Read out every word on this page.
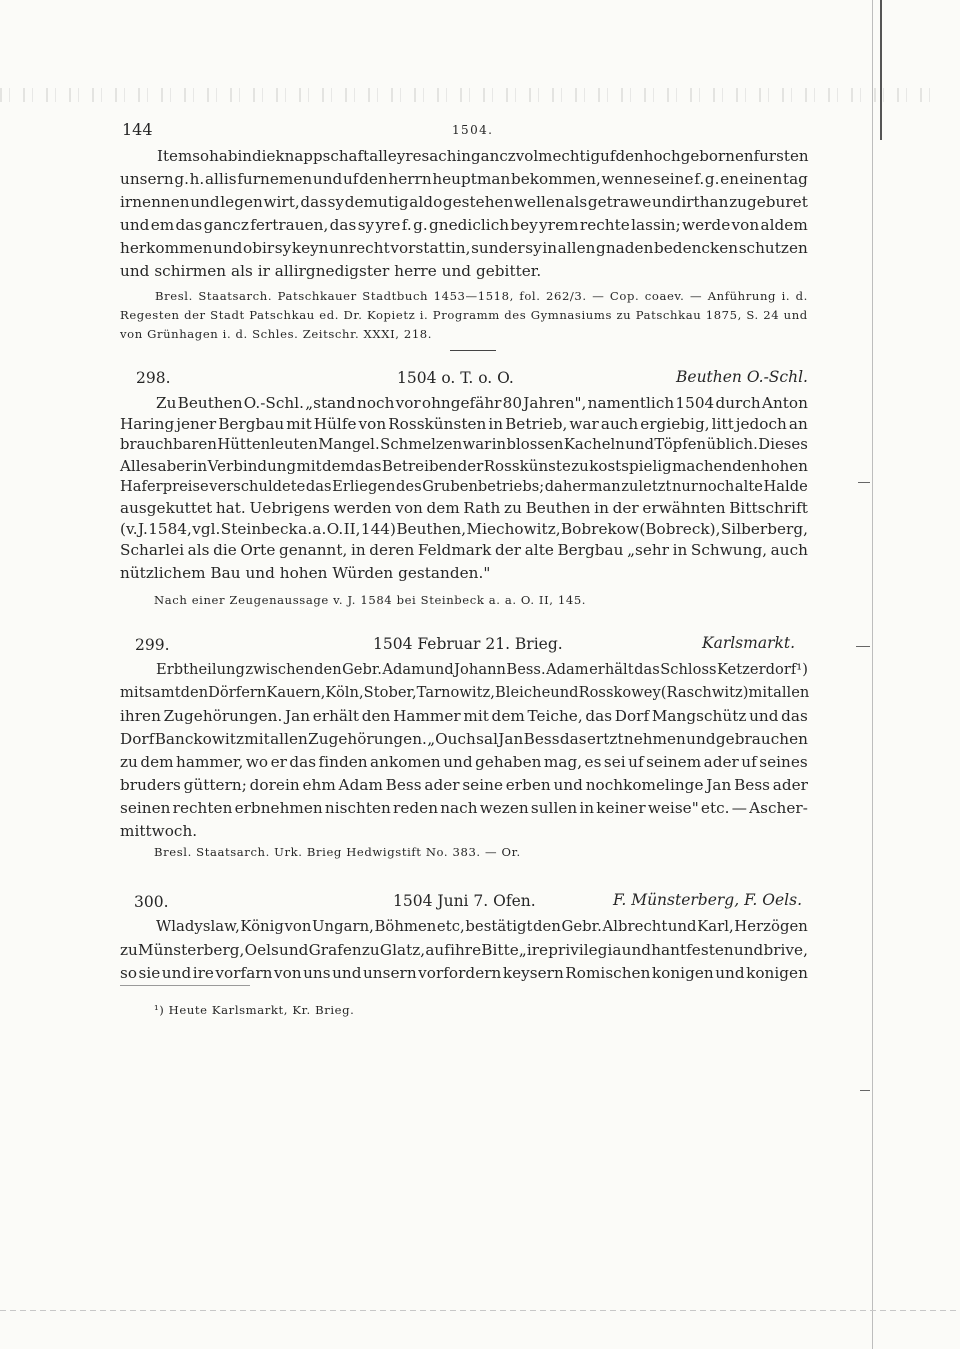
144	1504.
Item so habin die knappschaft alle yre sachin gancz volmechtig uf den hochgebornen fursten
unsern g. h. allis furnemen und uf den herrn heuptman bekommen, wenne seine f. g. en einen tag
irnennen und legen wirt, das sy demutig aldo gestehen wellen als getrawe undirthan zugeburet
und em das gancz fertrauen, das sy yre f. g. gnediclich bey yrem rechte lassin; werde von aldem
herkommen und obir sy keyn unrecht vorstattin, sunder sy in allen gnaden bedencken schutzen
und schirmen als ir allirgnedigster herre und gebitter.
Bresl. Staatsarch. Patschkauer Stadtbuch 1453—1518, fol. 262/3. — Cop. coaev. — Anführung i. d.
Regesten der Stadt Patschkau ed. Dr. Kopietz i. Programm des Gymnasiums zu Patschkau 1875, S. 24 und
von Grünhagen i. d. Schles. Zeitschr. XXXI, 218.
298.	1504 o. T. o. O.	Beuthen O.-Schl.
Zu Beuthen O.-Schl. „stand noch vor ohngefähr 80 Jahren", namentlich 1504 durch Anton
Haring jener Bergbau mit Hülfe von Rosskünsten in Betrieb, war auch ergiebig, litt jedoch an
brauchbaren Hüttenleuten Mangel. Schmelzen war in blossen Kacheln und Töpfen üblich. Dieses
Alles aber in Verbindung mit dem das Betreiben der Rosskünste zu kostspielig machenden hohen
Haferpreise verschuldete das Erliegen des Grubenbetriebs; daher man zuletzt nur noch alte Halde
ausgekuttet hat. Uebrigens werden von dem Rath zu Beuthen in der erwähnten Bittschrift
(v. J. 1584, vgl. Steinbeck a. a. O. II, 144) Beuthen, Miechowitz, Bobrekow (Bobreck), Silberberg,
Scharlei als die Orte genannt, in deren Feldmark der alte Bergbau „sehr in Schwung, auch
nützlichem Bau und hohen Würden gestanden."
Nach einer Zeugenaussage v. J. 1584 bei Steinbeck a. a. O. II, 145.
299.	1504 Februar 21. Brieg.	Karlsmarkt.
Erbtheilung zwischen den Gebr. Adam und Johann Bess. Adam erhält das Schloss Ketzerdorf¹)
mitsamt den Dörfern Kauern, Köln, Stober, Tarnowitz, Bleiche und Rosskowey (Raschwitz) mit allen
ihren Zugehörungen. Jan erhält den Hammer mit dem Teiche, das Dorf Mangschütz und das
Dorf Banckowitz mit allen Zugehörungen. „Ouch sal Jan Bess das ertzt nehmen und gebrauchen
zu dem hammer, wo er das finden ankomen und gehaben mag, es sei uf seinem ader uf seines
bruders güttern; dorein ehm Adam Bess ader seine erben und nochkomelinge Jan Bess ader
seinen rechten erbnehmen nischten reden nach wezen sullen in keiner weise" etc. — Ascher-
mittwoch.
Bresl. Staatsarch. Urk. Brieg Hedwigstift No. 383. — Or.
300.	1504 Juni 7. Ofen.	F. Münsterberg, F. Oels.
Wladyslaw, König von Ungarn, Böhmen etc, bestätigt den Gebr. Albrecht und Karl, Herzögen
zu Münsterberg, Oels und Grafen zu Glatz, auf ihre Bitte „ire privilegia und hantfesten und brive,
so sie und ire vorfarn von uns und unsern vorfordern keysern Romischen konigen und konigen
¹) Heute Karlsmarkt, Kr. Brieg.
